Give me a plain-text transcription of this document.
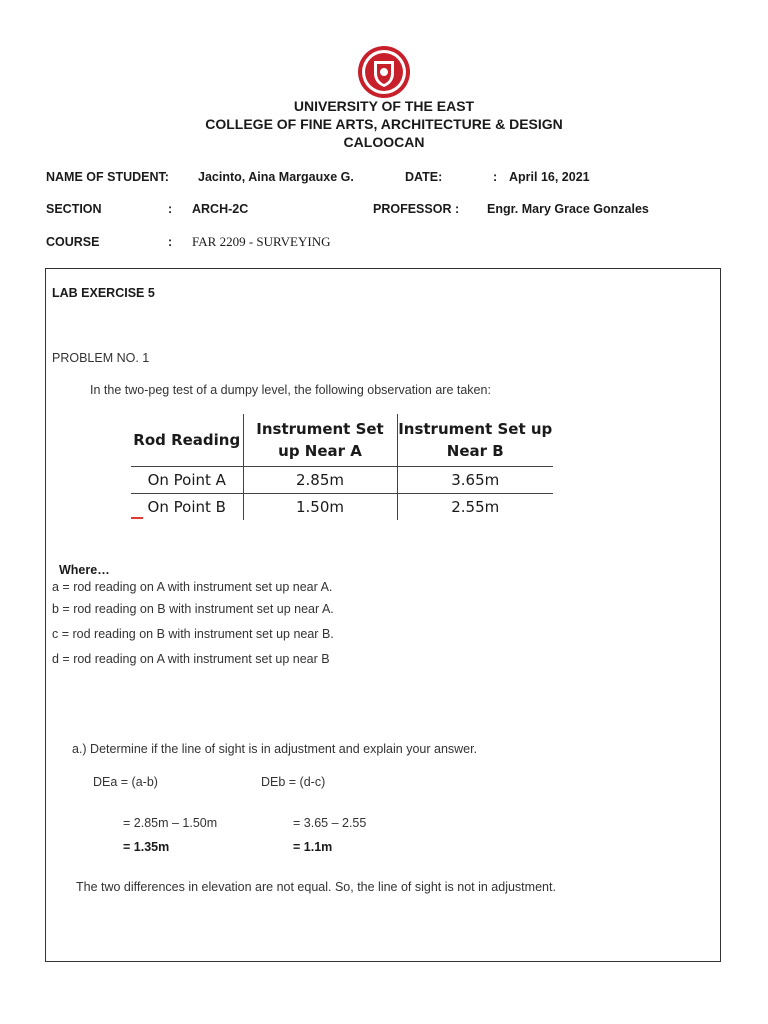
UNIVERSITY OF THE EAST
COLLEGE OF FINE ARTS, ARCHITECTURE & DESIGN
CALOOCAN
NAME OF STUDENT: Jacinto, Aina Margauxe G.	DATE:	: April 16, 2021
SECTION	: ARCH-2C	PROFESSOR : Engr. Mary Grace Gonzales
COURSE	: FAR 2209 - SURVEYING
LAB EXERCISE 5
PROBLEM NO. 1
In the two-peg test of a dumpy level, the following observation are taken:
Rod Reading	Instrument Set up Near A	Instrument Set up Near B
On Point A	2.85m	3.65m
On Point B	1.50m	2.55m
Where…
a = rod reading on A with instrument set up near A.
b = rod reading on B with instrument set up near A.
c = rod reading on B with instrument set up near B.
d = rod reading on A with instrument set up near B
a.) Determine if the line of sight is in adjustment and explain your answer.
DEa = (a-b)	DEb = (d-c)
= 2.85m – 1.50m	= 3.65 – 2.55
= 1.35m	= 1.1m
The two differences in elevation are not equal. So, the line of sight is not in adjustment.
